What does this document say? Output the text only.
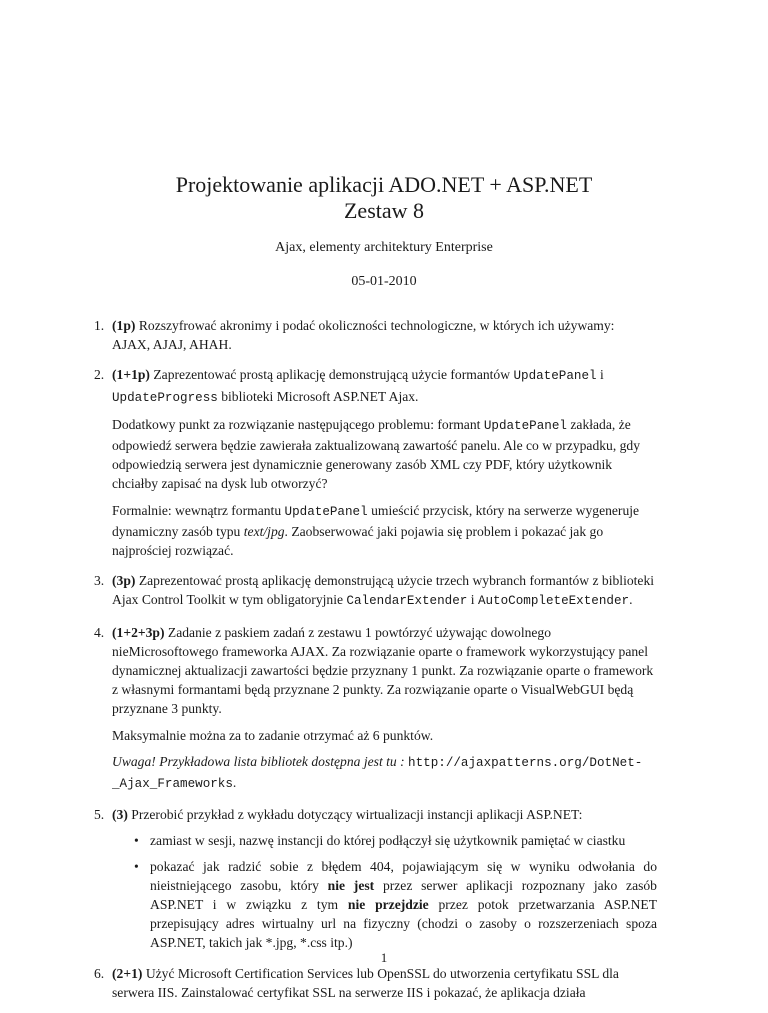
Projektowanie aplikacji ADO.NET + ASP.NET
Zestaw 8
Ajax, elementy architektury Enterprise
05-01-2010
1. (1p) Rozszyfrować akronimy i podać okoliczności technologiczne, w których ich używamy:
AJAX, AJAJ, AHAH.

2. (1+1p) Zaprezentować prostą aplikację demonstrującą użycie formantów UpdatePanel i UpdateProgress biblioteki Microsoft ASP.NET Ajax.

Dodatkowy punkt za rozwiązanie następującego problemu: formant UpdatePanel zakłada, że odpowiedź serwera będzie zawierała zaktualizowaną zawartość panelu. Ale co w przypadku, gdy odpowiedzią serwera jest dynamicznie generowany zasób XML czy PDF, który użytkownik chciałby zapisać na dysk lub otworzyć?

Formalnie: wewnątrz formantu UpdatePanel umieścić przycisk, który na serwerze wygeneruje dynamiczny zasób typu text/jpg. Zaobserwować jaki pojawia się problem i pokazać jak go najprościej rozwiązać.

3. (3p) Zaprezentować prostą aplikację demonstrującą użycie trzech wybranch formantów z biblioteki Ajax Control Toolkit w tym obligatoryjnie CalendarExtender i AutoCompleteExtender.

4. (1+2+3p) Zadanie z paskiem zadań z zestawu 1 powtórzyć używając dowolnego nieMicrosoftowego frameworka AJAX. Za rozwiązanie oparte o framework wykorzystujący panel dynamicznej aktualizacji zawartości będzie przyznany 1 punkt. Za rozwiązanie oparte o framework z własnymi formantami będą przyznane 2 punkty. Za rozwiązanie oparte o VisualWebGUI będą przyznane 3 punkty.

Maksymalnie można za to zadanie otrzymać aż 6 punktów.

Uwaga! Przykładowa lista bibliotek dostępna jest tu : http://ajaxpatterns.org/DotNet-_Ajax_Frameworks.

5. (3) Przerobić przykład z wykładu dotyczący wirtualizacji instancji aplikacji ASP.NET:

• zamiast w sesji, nazwę instancji do której podłączył się użytkownik pamiętać w ciastku
• pokazać jak radzić sobie z błędem 404, pojawiającym się w wyniku odwołania do nieistniejącego zasobu, który nie jest przez serwer aplikacji rozpoznany jako zasób ASP.NET i w związku z tym nie przejdzie przez potok przetwarzania ASP.NET przepisujący adres wirtualny url na fizyczny (chodzi o zasoby o rozszerzeniach spoza ASP.NET, takich jak *.jpg, *.css itp.)
6. (2+1) Użyć Microsoft Certification Services lub OpenSSL do utworzenia certyfikatu SSL dla serwera IIS. Zainstalować certyfikat SSL na serwerze IIS i pokazać, że aplikacja działa

1
